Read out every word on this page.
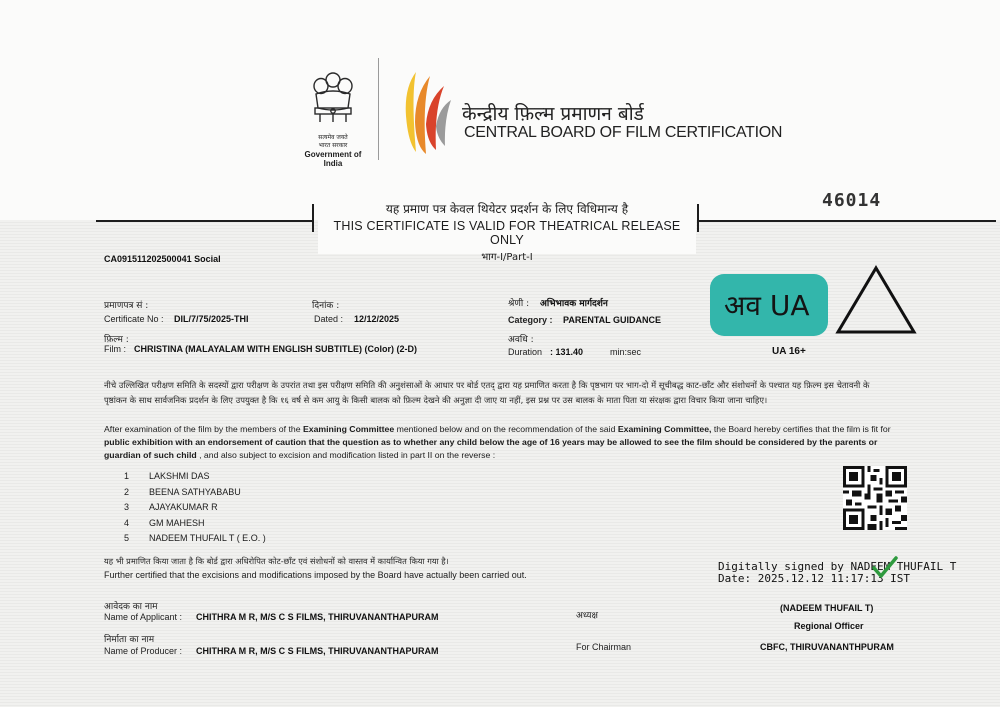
सत्यमेव जयते
भारत सरकार
Government of India
केन्द्रीय फ़िल्म प्रमाणन बोर्ड
CENTRAL BOARD OF FILM CERTIFICATION
यह प्रमाण पत्र केवल थियेटर प्रदर्शन के लिए विधिमान्य है
THIS CERTIFICATE IS VALID FOR THEATRICAL RELEASE ONLY
भाग-I/Part-I
46014
CA091511202500041 Social
प्रमाणपत्र सं :
Certificate No : DIL/7/75/2025-THI
दिनांक :
Dated : 12/12/2025
श्रेणी : अभिभावक मार्गदर्शन
Category : PARENTAL GUIDANCE
फ़िल्म :
Film : CHRISTINA (MALAYALAM WITH ENGLISH SUBTITLE) (Color) (2-D)
अवधि :
Duration : 131.40	min:sec
अव UA
UA 16+
नीचे उल्लिखित परीक्षण समिति के सदस्यों द्वारा परीक्षण के उपरांत तथा इस परीक्षण समिति की अनुशंसाओं के आधार पर बोर्ड एतद् द्वारा यह प्रमाणित करता है कि पृष्ठभाग पर भाग-दो में सूचीबद्ध काट-छाँट और संशोधनों के पश्चात यह फ़िल्म इस चेतावनी के पृष्ठांकन के साथ सार्वजनिक प्रदर्शन के लिए उपयुक्त है कि १६ वर्ष से कम आयु के किसी बालक को फ़िल्म देखने की अनुज्ञा दी जाए या नहीं, इस प्रश्न पर उस बालक के माता पिता या संरक्षक द्वारा विचार किया जाना चाहिए।
After examination of the film by the members of the Examining Committee mentioned below and on the recommendation of the said Examining Committee, the Board hereby certifies that the film is fit for public exhibition with an endorsement of caution that the question as to whether any child below the age of 16 years may be allowed to see the film should be considered by the parents or guardian of such child , and also subject to excision and modification listed in part II on the reverse :
1 LAKSHMI DAS
2 BEENA SATHYABABU
3 AJAYAKUMAR R
4 GM MAHESH
5 NADEEM THUFAIL T ( E.O. )
यह भी प्रमाणित किया जाता है कि बोर्ड द्वारा अधिरोपित कोट-छाँट एवं संशोधनों को वास्तव में कार्यान्वित किया गया है।
Further certified that the excisions and modifications imposed by the Board have actually been carried out.
Digitally signed by NADEEM THUFAIL T
Date: 2025.12.12 11:17:13 IST
आवेदक का नाम
Name of Applicant : CHITHRA M R, M/S C S FILMS, THIRUVANANTHAPURAM
निर्माता का नाम
Name of Producer : CHITHRA M R, M/S C S FILMS, THIRUVANANTHAPURAM
अध्यक्ष
For Chairman
(NADEEM THUFAIL T)
Regional Officer
CBFC, THIRUVANANTHPURAM
